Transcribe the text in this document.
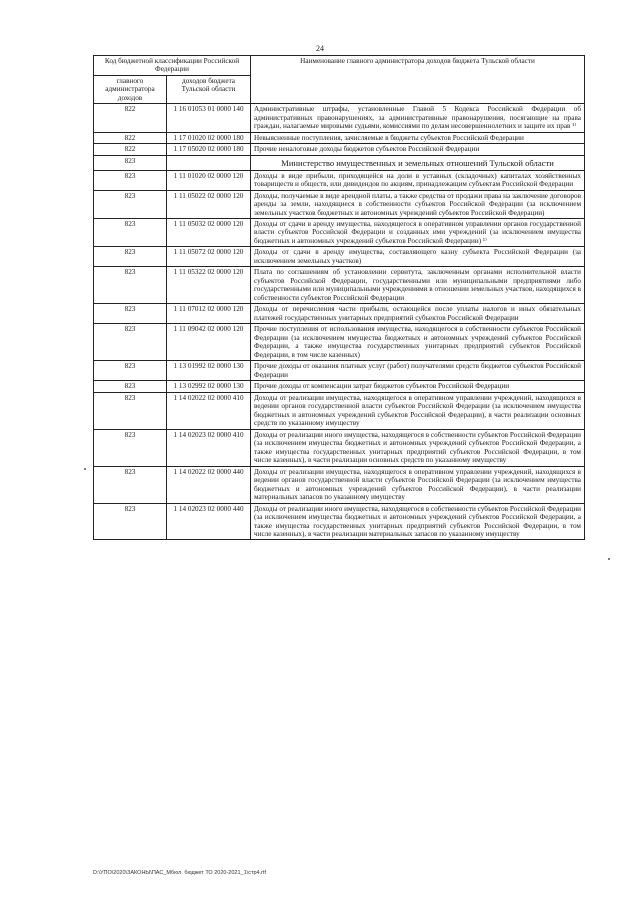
24
Код бюджетной классификации Российской Федерации		Наименование главного администратора доходов бюджета Тульской области
главного администратора доходов	доходов бюджета Тульской области	
822	1 16 01053 01 0000 140	Административные штрафы, установленные Главой 5 Кодекса Российской Федерации об административных правонарушениях, за административные правонарушения, посягающие на права граждан, налагаемые мировыми судьями, комиссиями по делам несовершеннолетних и защите их прав ¹⁾
822	1 17 01020 02 0000 180	Невыясненные поступления, зачисляемые в бюджеты субъектов Российской Федерации
822	1 17 05020 02 0000 180	Прочие неналоговые доходы бюджетов субъектов Российской Федерации
823		Министерство имущественных и земельных отношений Тульской области
823	1 11 01020 02 0000 120	Доходы в виде прибыли, приходящейся на доли в уставных (складочных) капиталах хозяйственных товариществ и обществ, или дивидендов по акциям, принадлежащим субъектам Российской Федерации
823	1 11 05022 02 0000 120	Доходы, получаемые в виде арендной платы, а также средства от продажи права на заключение договоров аренды за земли, находящиеся в собственности субъектов Российской Федерации (за исключением земельных участков бюджетных и автономных учреждений субъектов Российской Федерации)
823	1 11 05032 02 0000 120	Доходы от сдачи в аренду имущества, находящегося в оперативном управлении органов государственной власти субъектов Российской Федерации и созданных ими учреждений (за исключением имущества бюджетных и автономных учреждений субъектов Российской Федерации) ¹⁾
823	1 11 05072 02 0000 120	Доходы от сдачи в аренду имущества, составляющего казну субъекта Российской Федерации (за исключением земельных участков)
823	1 11 05322 02 0000 120	Плата по соглашениям об установлении сервитута, заключенным органами исполнительной власти субъектов Российской Федерации, государственными или муниципальными предприятиями либо государственными или муниципальными учреждениями в отношении земельных участков, находящихся в собственности субъектов Российской Федерации
823	1 11 07012 02 0000 120	Доходы от перечисления части прибыли, остающейся после уплаты налогов и иных обязательных платежей государственных унитарных предприятий субъектов Российской Федерации
823	1 11 09042 02 0000 120	Прочие поступления от использования имущества, находящегося в собственности субъектов Российской Федерации (за исключением имущества бюджетных и автономных учреждений субъектов Российской Федерации, а также имущества государственных унитарных предприятий субъектов Российской Федерации, в том числе казенных)
823	1 13 01992 02 0000 130	Прочие доходы от оказания платных услуг (работ) получателями средств бюджетов субъектов Российской Федерации
823	1 13 02992 02 0000 130	Прочие доходы от компенсации затрат бюджетов субъектов Российской Федерации
823	1 14 02022 02 0000 410	Доходы от реализации имущества, находящегося в оперативном управлении учреждений, находящихся в ведении органов государственной власти субъектов Российской Федерации (за исключением имущества бюджетных и автономных учреждений субъектов Российской Федерации), в части реализации основных средств по указанному имуществу
823	1 14 02023 02 0000 410	Доходы от реализации иного имущества, находящегося в собственности субъектов Российской Федерации (за исключением имущества бюджетных и автономных учреждений субъектов Российской Федерации, а также имущества государственных унитарных предприятий субъектов Российской Федерации, в том числе казенных), в части реализации основных средств по указанному имуществу
823	1 14 02022 02 0000 440	Доходы от реализации имущества, находящегося в оперативном управлении учреждений, находящихся в ведении органов государственной власти субъектов Российской Федерации (за исключением имущества бюджетных и автономных учреждений субъектов Российской Федерации), в части реализации материальных запасов по указанному имуществу
823	1 14 02023 02 0000 440	Доходы от реализации иного имущества, находящегося в собственности субъектов Российской Федерации (за исключением имущества бюджетных и автономных учреждений субъектов Российской Федерации, а также имущества государственных унитарных предприятий субъектов Российской Федерации, в том числе казенных), в части реализации материальных запасов по указанному имуществу
D:\УПО\2020\ЗАКОНЫ\ПАС_Мбюл. бюджет ТО 2020-2021_1\стр4.rtf
